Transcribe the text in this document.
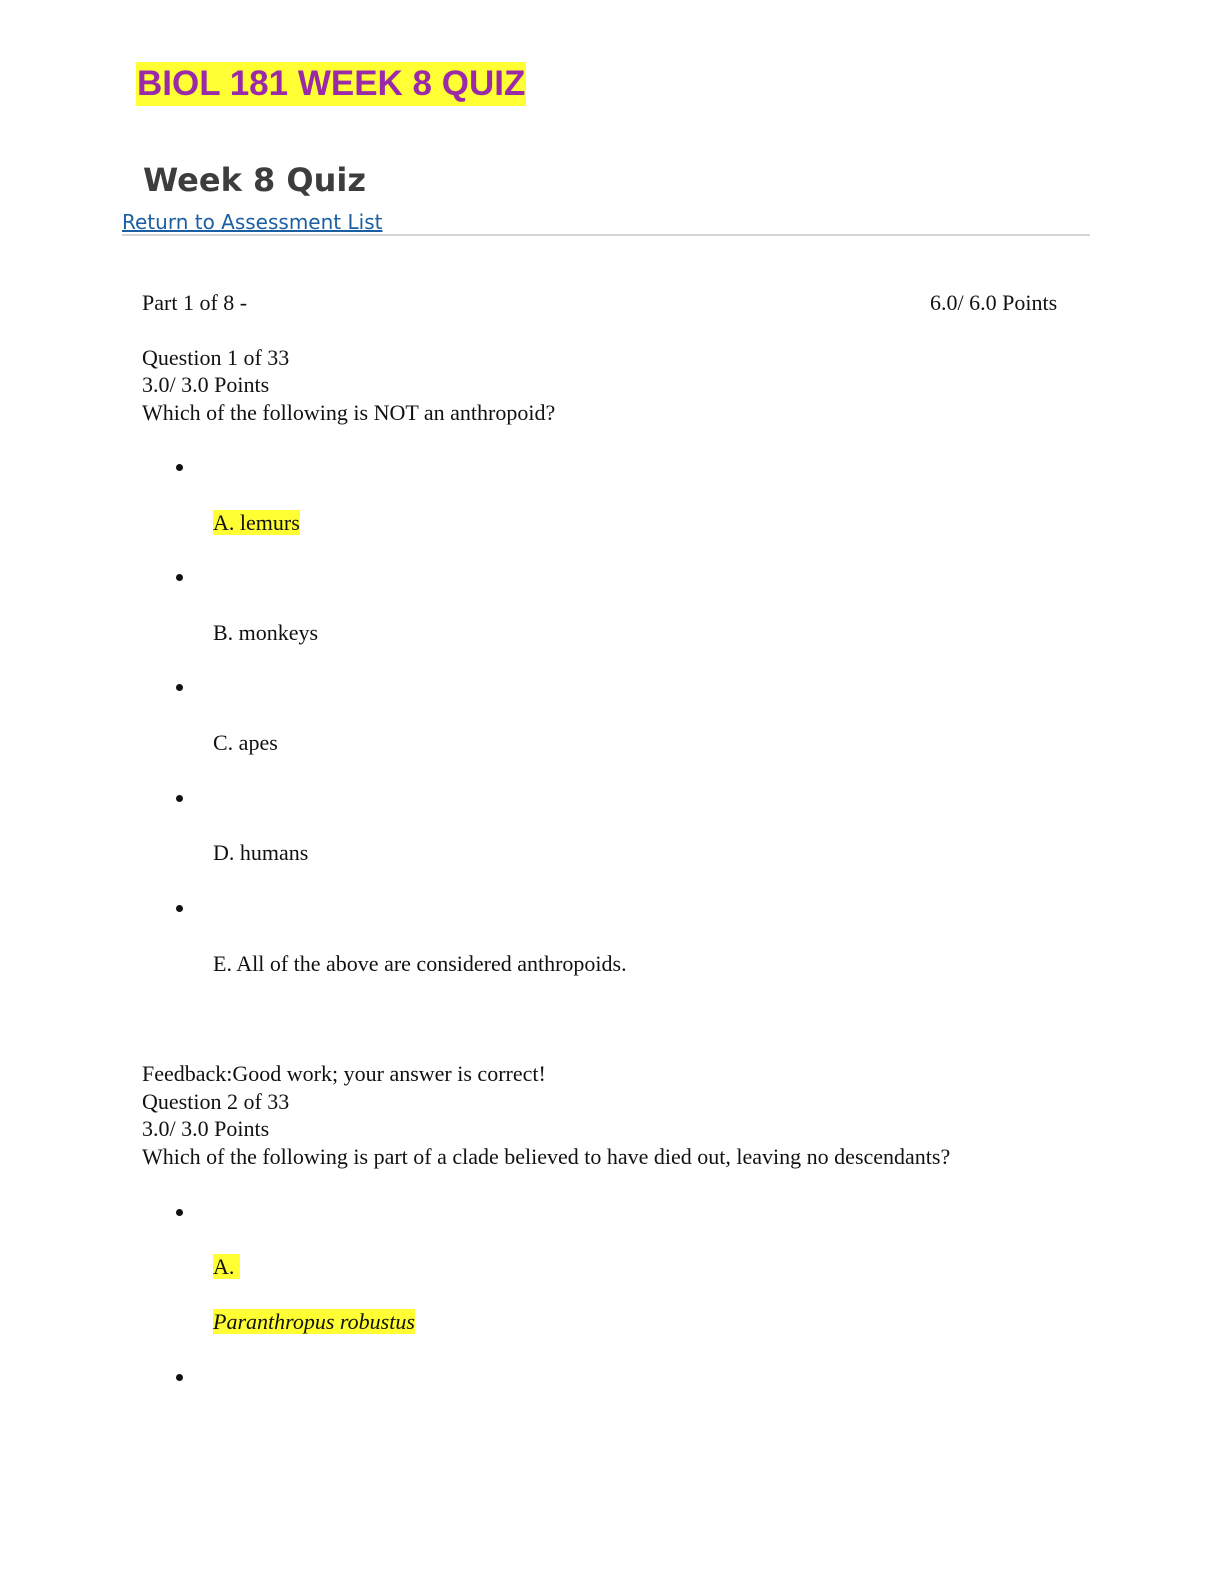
BIOL 181 WEEK 8 QUIZ
Week 8 Quiz
Return to Assessment List
Part 1 of 8 -	6.0/ 6.0 Points
Question 1 of 33
3.0/ 3.0 Points
Which of the following is NOT an anthropoid?
A. lemurs
B. monkeys
C. apes
D. humans
E. All of the above are considered anthropoids.
Feedback:Good work; your answer is correct!
Question 2 of 33
3.0/ 3.0 Points
Which of the following is part of a clade believed to have died out, leaving no descendants?
A.
Paranthropus robustus
